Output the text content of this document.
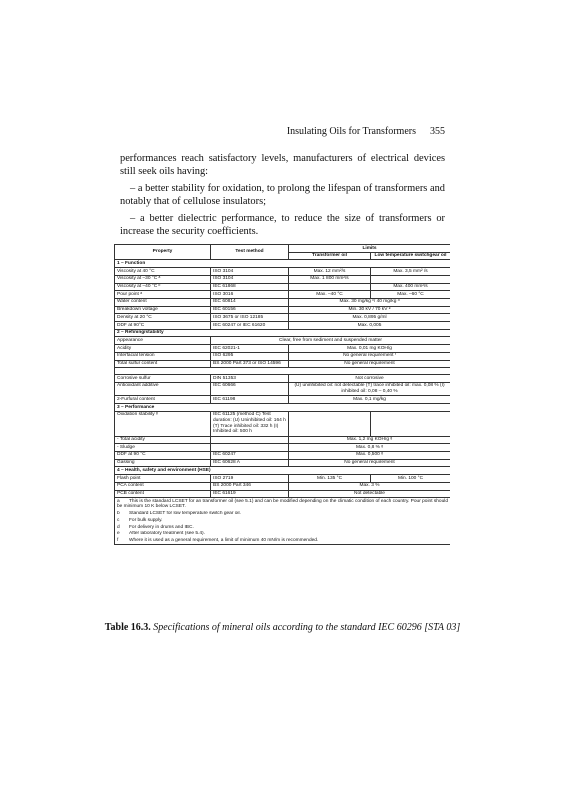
Insulating Oils for Transformers 355

performances reach satisfactory levels, manufacturers of electrical devices still seek oils having:

– a better stability for oxidation, to prolong the lifespan of transformers and notably that of cellulose insulators;

– a better dielectric performance, to reduce the size of transformers or increase the security coefficients.

Property	Test method	Limits	
		Transformer oil	Low temperature switchgear oil
1 – Function			
Viscosity at 40 °C	ISO 3104	Max. 12 mm²/s	Max. 3,5 mm² /s
Viscosity at –30 °C ᵃ	ISO 3104	Max. 1 800 mm²/s	
Viscosity at –40 °C ᵇ	IEC 61868		Max. 400 mm²/s
Pour point ᵃ	ISO 3016	Max. –40 °C	Max. –60 °C
Water content	IEC 60814	Max. 30 mg/kg ᶜ/ 40 mg/kg ᵈ	
Breakdown voltage	IEC 60156	Min. 30 kV / 70 kV ᵉ	
Density at 20 °C	ISO 3675 or ISO 12185	Max. 0,895 g/ml	
DDF at 90°C	IEC 60247 or IEC 61620	Max. 0,005	
2 – Refining/stability			
Appearance	Clear, free from sediment and suspended matter		
Acidity	IEC 62021-1	Max. 0,01 mg KOH/g	
Interfacial tension	ISO 6295	No general requirement ᶠ	
Total sulfur content	BS 2000 Part 373 or ISO 14596	No general requirement	

Corrosive sulfur	DIN 51353	Not corrosive	
Antioxidant additive	IEC 60666	(U) uninhibited oil: not detectable (T) trace inhibited oil: max. 0,08 % (I) inhibited oil: 0,08 – 0,40 %	
2-Furfural content	IEC 61198	Max. 0,1 mg/kg	
3 – Performance			
Oxidation stability ᵍ	IEC 61125 (method C) Test duration: (U) Uninhibited oil: 164 h (T) Trace inhibited oil: 332 h (I) Inhibited oil: 500 h		
- Total acidity		Max. 1,2 mg KOH/g ᵍ	
- Sludge		Max. 0,8 % ᵍ	
DDF at 90 °C	IEC 60247	Max. 0,500 ᵍ	
Gassing	IEC 60628 A	No general requirement	
4 – Health, safety and environment (HSE)			
Flash point	ISO 2719	Min. 135 °C	Min. 100 °C
PCA content	BS 2000 Part 346	Max. 3 %	
PCB content	IEC 61619	Not detectable	
a This is the standard LCSET for an transformer oil (see 5.1) and can be modified depending on the climatic condition of each country. Pour point should be minimum 10 K below LCSET.			
b Standard LCSET for low temperature switch gear oil.			
c For bulk supply.			
d For delivery in drums and IBC.			
e After laboratory treatment (see 5.4).			
f Where it is used as a general requirement, a limit of minimum 40 mN/m is recommended.			
Table 16.3. Specifications of mineral oils according to the standard IEC 60296 [STA 03]
